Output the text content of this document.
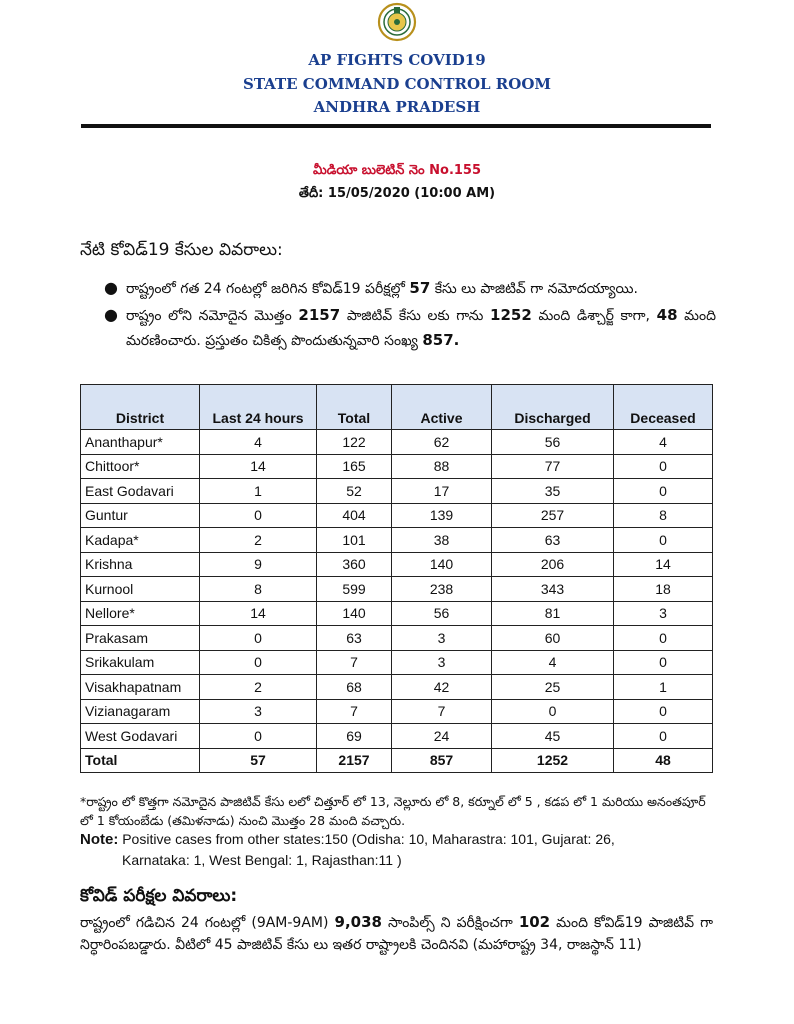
AP FIGHTS COVID19
STATE COMMAND CONTROL ROOM
ANDHRA PRADESH
మీడియా బులెటిన్ నెం No.155
తేదీ: 15/05/2020 (10:00 AM)
నేటి కోవిడ్19 కేసుల వివరాలు:
● రాష్ట్రంలో గత 24 గంటల్లో జరిగిన కోవిడ్19 పరీక్షల్లో 57 కేసు లు పాజిటివ్ గా నమోదయ్యాయి.
● రాష్ట్రం లోని నమోదైన మొత్తం 2157 పాజిటివ్ కేసు లకు గాను 1252 మంది డిశ్చార్జ్ కాగా, 48 మంది మరణించారు. ప్రస్తుతం చికిత్స పొందుతున్నవారి సంఖ్య 857.
District	Last 24 hours	Total	Active	Discharged	Deceased
Ananthapur*	4	122	62	56	4
Chittoor*	14	165	88	77	0
East Godavari	1	52	17	35	0
Guntur	0	404	139	257	8
Kadapa*	2	101	38	63	0
Krishna	9	360	140	206	14
Kurnool	8	599	238	343	18
Nellore*	14	140	56	81	3
Prakasam	0	63	3	60	0
Srikakulam	0	7	3	4	0
Visakhapatnam	2	68	42	25	1
Vizianagaram	3	7	7	0	0
West Godavari	0	69	24	45	0
Total	57	2157	857	1252	48
*రాష్ట్రం లో కొత్తగా నమోదైన పాజిటివ్ కేసు లలో చిత్తూర్ లో 13, నెల్లూరు లో 8, కర్నూల్ లో 5 , కడప లో 1 మరియు అనంతపూర్ లో 1 కోయంబేడు (తమిళనాడు) నుంచి మొత్తం 28 మంది వచ్చారు.
Note: Positive cases from other states:150 (Odisha: 10, Maharastra: 101, Gujarat: 26,
Karnataka: 1, West Bengal: 1, Rajasthan:11 )
కోవిడ్ పరీక్షల వివరాలు:
రాష్ట్రంలో గడిచిన 24 గంటల్లో (9AM-9AM) 9,038 సాంపిల్స్ ని పరీక్షించగా 102 మంది కోవిడ్19 పాజిటివ్ గా నిర్ధారింపబడ్డారు. వీటిలో 45 పాజిటివ్ కేసు లు ఇతర రాష్ట్రాలకి చెందినవి (మహారాష్ట్ర 34, రాజస్థాన్ 11)
